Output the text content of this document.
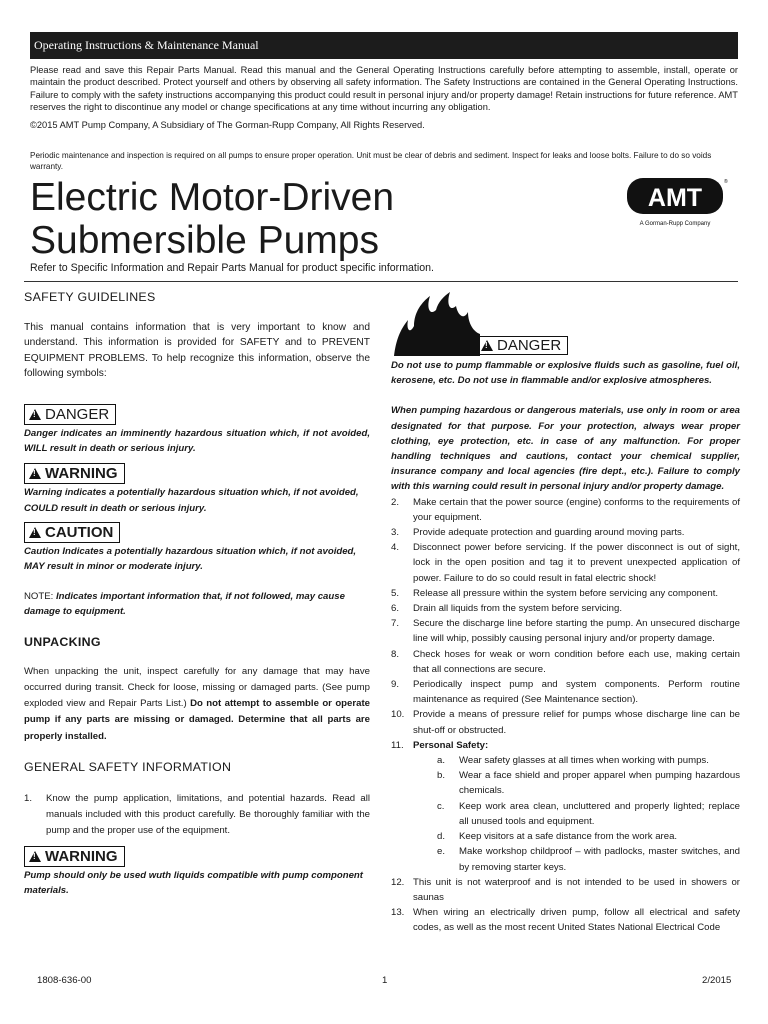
Operating Instructions & Maintenance Manual

Please read and save this Repair Parts Manual. Read this manual and the General Operating Instructions carefully before attempting to assemble, install, operate or maintain the product described. Protect yourself and others by observing all safety information. The Safety Instructions are contained in the General Operating Instructions. Failure to comply with the safety instructions accompanying this product could result in personal injury and/or property damage! Retain instructions for future reference. AMT reserves the right to discontinue any model or change specifications at any time without incurring any obligation.

©2015 AMT Pump Company, A Subsidiary of The Gorman-Rupp Company, All Rights Reserved.

Periodic maintenance and inspection is required on all pumps to ensure proper operation. Unit must be clear of debris and sediment. Inspect for leaks and loose bolts. Failure to do so voids warranty.

Electric Motor-Driven
Submersible Pumps

Refer to Specific Information and Repair Parts Manual for product specific information.

AMT
®
A Gorman-Rupp Company
SAFETY GUIDELINES

This manual contains information that is very important to know and understand. This information is provided for SAFETY and to PREVENT EQUIPMENT PROBLEMS. To help recognize this information, observe the following symbols:

!DANGER

Danger indicates an imminently hazardous situation which, if not avoided, WILL result in death or serious injury.

!WARNING

Warning indicates a potentially hazardous situation which, if not avoided, COULD result in death or serious injury.

!CAUTION

Caution Indicates a potentially hazardous situation which, if not avoided, MAY result in minor or moderate injury.

NOTE: Indicates important information that, if not followed, may cause damage to equipment.

UNPACKING

When unpacking the unit, inspect carefully for any damage that may have occurred during transit. Check for loose, missing or damaged parts. (See pump exploded view and Repair Parts List.) Do not attempt to assemble or operate pump if any parts are missing or damaged. Determine that all parts are properly installed.

GENERAL SAFETY INFORMATION
1. Know the pump application, limitations, and potential hazards. Read all manuals included with this product carefully. Be thoroughly familiar with the pump and the proper use of the equipment.
!WARNING

Pump should only be used wuth liquids compatible with pump component materials.

!DANGER

Do not use to pump flammable or explosive fluids such as gasoline, fuel oil, kerosene, etc. Do not use in flammable and/or explosive atmospheres.

When pumping hazardous or dangerous materials, use only in room or area designated for that purpose. For your protection, always wear proper clothing, eye protection, etc. in case of any malfunction. For proper handling techniques and cautions, contact your chemical supplier, insurance company and local agencies (fire dept., etc.). Failure to comply with this warning could result in personal injury and/or property damage.

2. Make certain that the power source (engine) conforms to the requirements of your equipment.
3. Provide adequate protection and guarding around moving parts.
4. Disconnect power before servicing. If the power disconnect is out of sight, lock in the open position and tag it to prevent unexpected application of power. Failure to do so could result in fatal electric shock!
5. Release all pressure within the system before servicing any component.
6. Drain all liquids from the system before servicing.
7. Secure the discharge line before starting the pump. An unsecured discharge line will whip, possibly causing personal injury and/or property damage.
8. Check hoses for weak or worn condition before each use, making certain that all connections are secure.
9. Periodically inspect pump and system components. Perform routine maintenance as required (See Maintenance section).
10. Provide a means of pressure relief for pumps whose discharge line can be shut-off or obstructed.
11. Personal Safety:
a. Wear safety glasses at all times when working with pumps.
b. Wear a face shield and proper apparel when pumping hazardous chemicals.
c. Keep work area clean, uncluttered and properly lighted; replace all unused tools and equipment.
d. Keep visitors at a safe distance from the work area.
e. Make workshop childproof – with padlocks, master switches, and by removing starter keys.
12. This unit is not waterproof and is not intended to be used in showers or saunas
13. When wiring an electrically driven pump, follow all electrical and safety codes, as well as the most recent United States National Electrical Code
1808-636-00	1	2/2015
